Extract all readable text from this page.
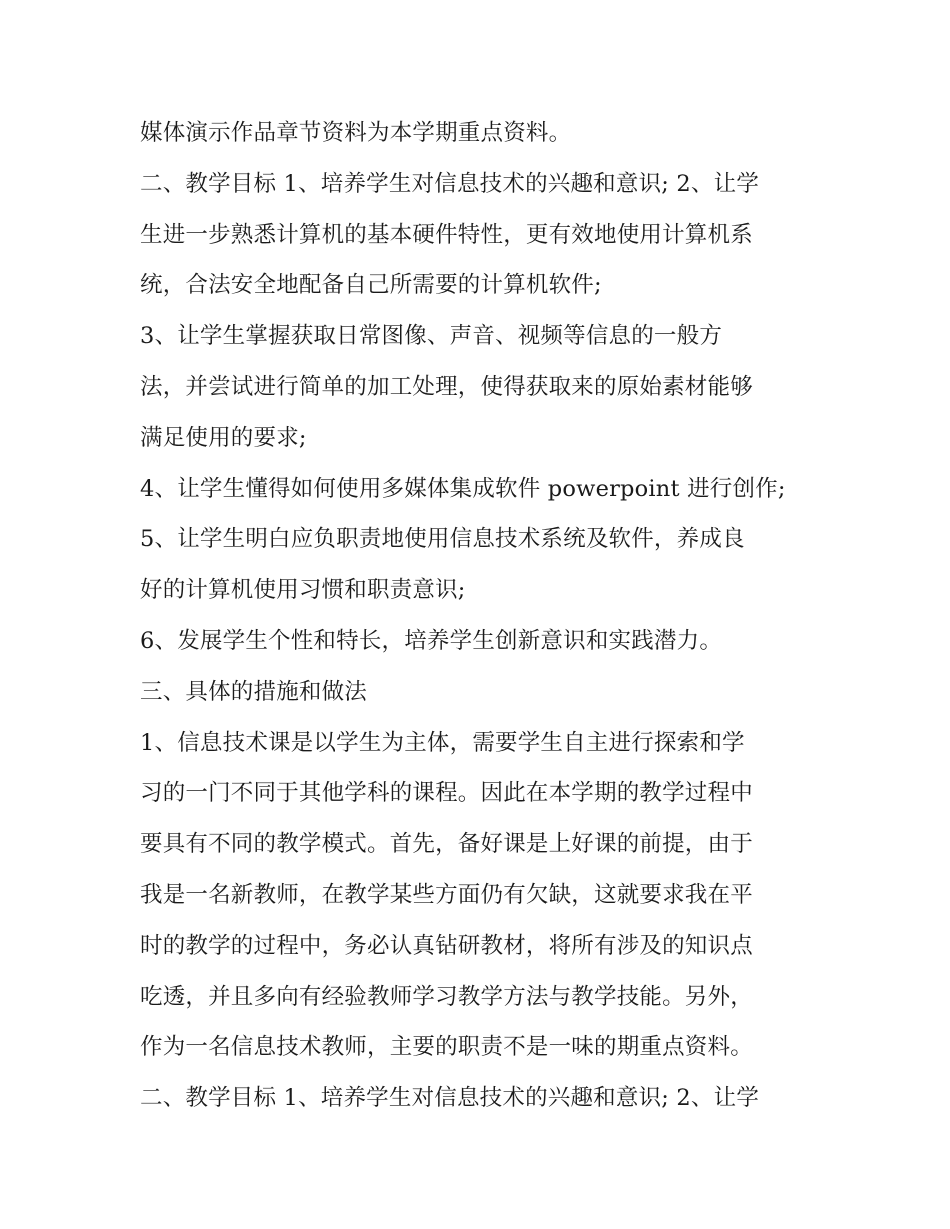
媒体演示作品章节资料为本学期重点资料。
二、教学目标 1、培养学生对信息技术的兴趣和意识; 2、让学
生进一步熟悉计算机的基本硬件特性，更有效地使用计算机系
统，合法安全地配备自己所需要的计算机软件;
3、让学生掌握获取日常图像、声音、视频等信息的一般方
法，并尝试进行简单的加工处理，使得获取来的原始素材能够
满足使用的要求;
4、让学生懂得如何使用多媒体集成软件 powerpoint 进行创作;
5、让学生明白应负职责地使用信息技术系统及软件，养成良
好的计算机使用习惯和职责意识;
6、发展学生个性和特长，培养学生创新意识和实践潜力。
三、具体的措施和做法
1、信息技术课是以学生为主体，需要学生自主进行探索和学
习的一门不同于其他学科的课程。因此在本学期的教学过程中
要具有不同的教学模式。首先，备好课是上好课的前提，由于
我是一名新教师，在教学某些方面仍有欠缺，这就要求我在平
时的教学的过程中，务必认真钻研教材，将所有涉及的知识点
吃透，并且多向有经验教师学习教学方法与教学技能。另外，
作为一名信息技术教师，主要的职责不是一味的期重点资料。
二、教学目标 1、培养学生对信息技术的兴趣和意识; 2、让学
